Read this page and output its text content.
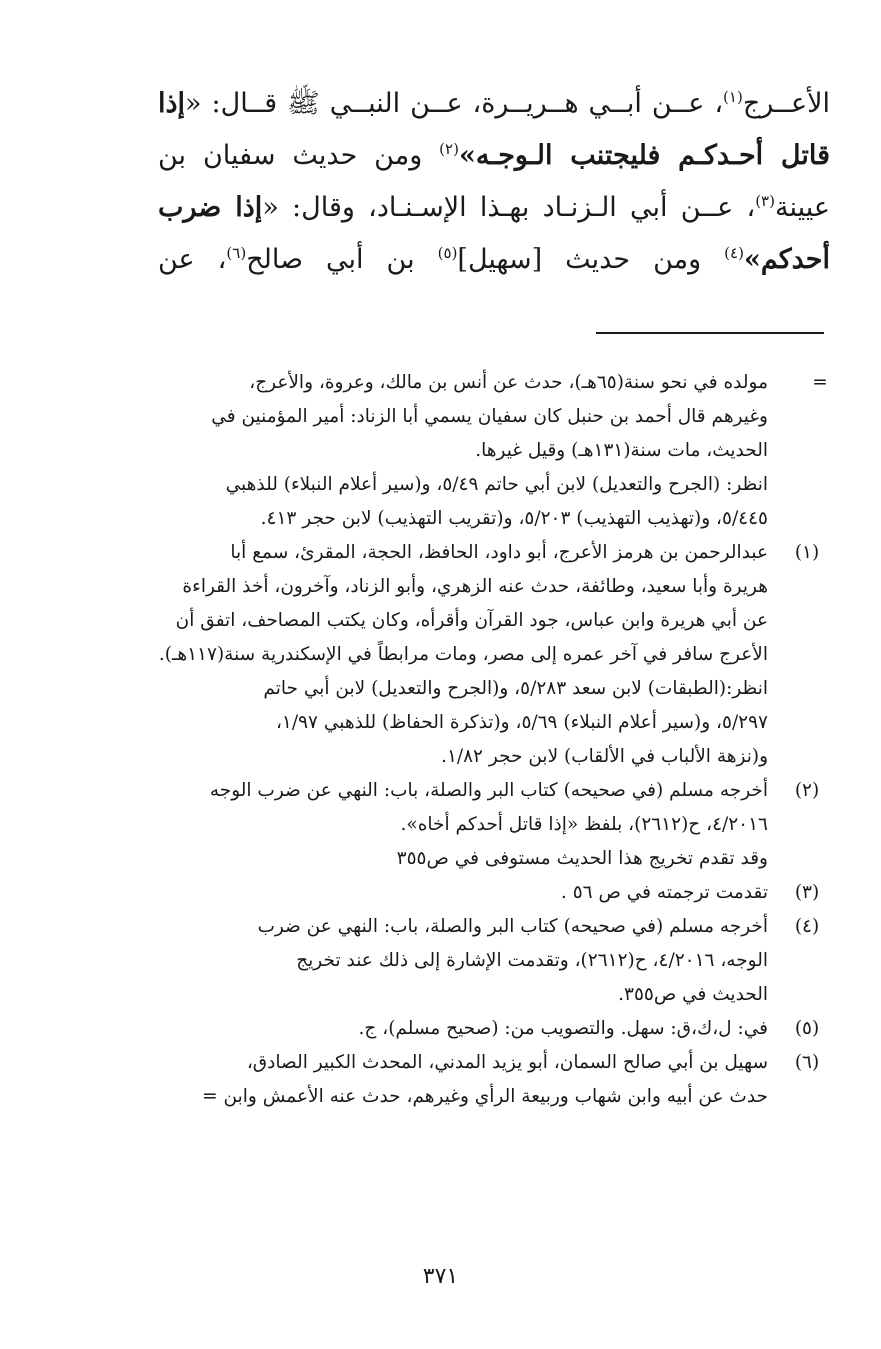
الأعــرج$^{(١)}$، عــن أبــي هــريــرة، عــن النبــي ﷺ قــال: «إذا
قاتل أحـدكـم فليجتنب الـوجـه»$^{(٢)}$ ومن حديث سفيان بن
عيينة$^{(٣)}$، عــن أبي الـزنـاد بهـذا الإسـنـاد، وقال: «إذا ضرب
أحدكم»$^{(٤)}$ ومن حديث [سهيل]$^{(٥)}$ بن أبي صالح$^{(٦)}$، عن
=
مولده في نحو سنة(٦٥هـ)، حدث عن أنس بن مالك، وعروة، والأعرج،
وغيرهم قال أحمد بن حنبل كان سفيان يسمي أبا الزناد: أمير المؤمنين في
الحديث، مات سنة(١٣١هـ) وقيل غيرها.
انظر: (الجرح والتعديل) لابن أبي حاتم ٥/٤٩، و(سير أعلام النبلاء) للذهبي
٥/٤٤٥، و(تهذيب التهذيب) ٥/٢٠٣، و(تقريب التهذيب) لابن حجر ٤١٣.
(١)
عبدالرحمن بن هرمز الأعرج، أبو داود، الحافظ، الحجة، المقرئ، سمع أبا
هريرة وأبا سعيد، وطائفة، حدث عنه الزهري، وأبو الزناد، وآخرون، أخذ القراءة
عن أبي هريرة وابن عباس، جود القرآن وأقرأه، وكان يكتب المصاحف، اتفق أن
الأعرج سافر في آخر عمره إلى مصر، ومات مرابطاً في الإسكندرية سنة(١١٧هـ).
انظر:(الطبقات) لابن سعد ٥/٢٨٣، و(الجرح والتعديل) لابن أبي حاتم
٥/٢٩٧، و(سير أعلام النبلاء) ٥/٦٩، و(تذكرة الحفاظ) للذهبي ١/٩٧،
و(نزهة الألباب في الألقاب) لابن حجر ١/٨٢.
(٢)
أخرجه مسلم (في صحيحه) كتاب البر والصلة، باب: النهي عن ضرب الوجه
٤/٢٠١٦، ح(٢٦١٢)، بلفظ «إذا قاتل أحدكم أخاه».
وقد تقدم تخريج هذا الحديث مستوفى في ص٣٥٥
(٣)
تقدمت ترجمته في ص ٥٦ .
(٤)
أخرجه مسلم (في صحيحه) كتاب البر والصلة، باب: النهي عن ضرب
الوجه، ٤/٢٠١٦، ح(٢٦١٢)، وتقدمت الإشارة إلى ذلك عند تخريج
الحديث في ص٣٥٥.
(٥)
في: ل،ك،ق: سهل. والتصويب من: (صحيح مسلم)، ج.
(٦)
سهيل بن أبي صالح السمان، أبو يزيد المدني، المحدث الكبير الصادق،
حدث عن أبيه وابن شهاب وربيعة الرأي وغيرهم، حدث عنه الأعمش وابن =
٣٧١
